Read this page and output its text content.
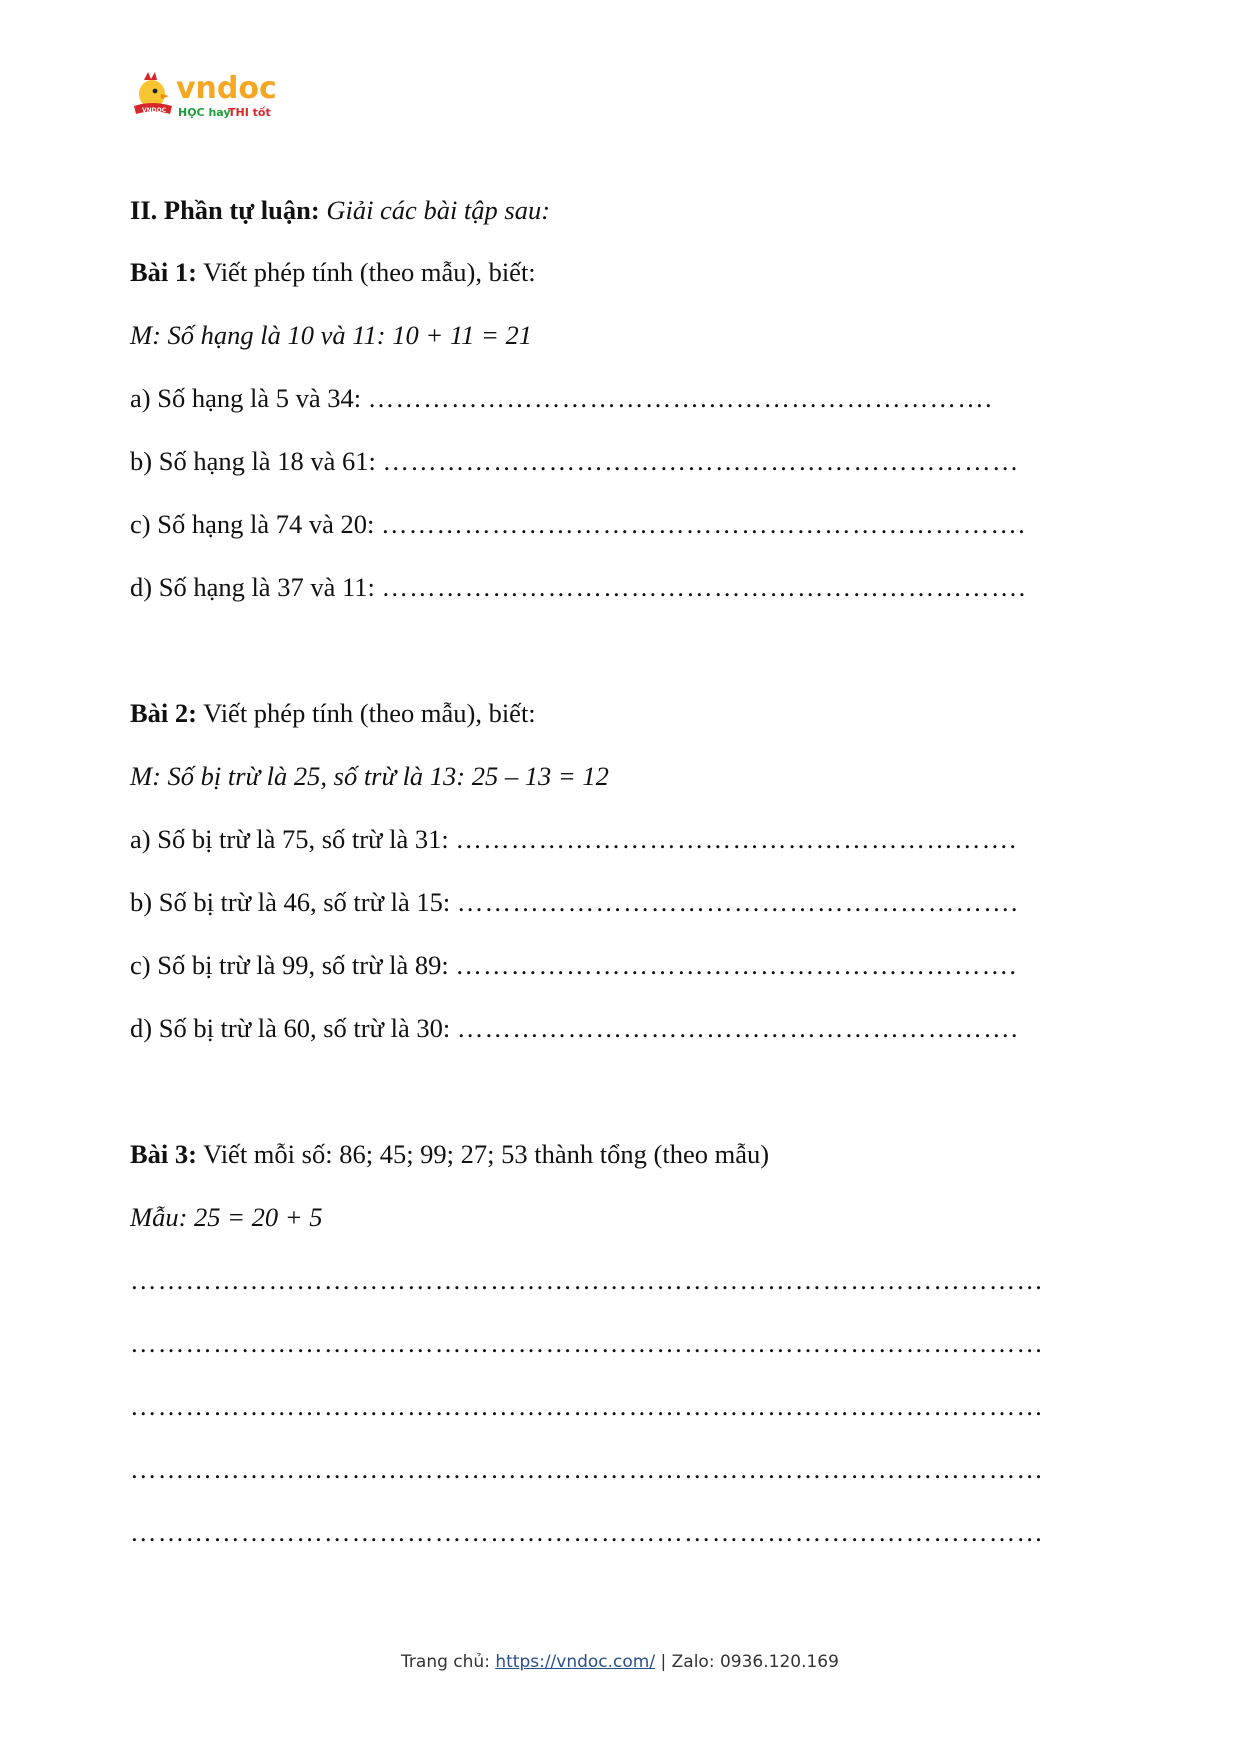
VNDOC
vndoc
HỌC hay
THI tốt
II. Phần tự luận: Giải các bài tập sau:
Bài 1: Viết phép tính (theo mẫu), biết:
M: Số hạng là 10 và 11: 10 + 11 = 21
a) Số hạng là 5 và 34: ……………………………….………………………….
b) Số hạng là 18 và 61: ……………………………………………………………
c) Số hạng là 74 và 20: …………………………………………………………….
d) Số hạng là 37 và 11: …………………………………………………………….
Bài 2: Viết phép tính (theo mẫu), biết:
M: Số bị trừ là 25, số trừ là 13: 25 – 13 = 12
a) Số bị trừ là 75, số trừ là 31: …………………………………………………….
b) Số bị trừ là 46, số trừ là 15: …………………………………………………….
c) Số bị trừ là 99, số trừ là 89: …………………………………………………….
d) Số bị trừ là 60, số trừ là 30: …………………………………………………….
Bài 3: Viết mỗi số: 86; 45; 99; 27; 53 thành tổng (theo mẫu)
Mẫu: 25 = 20 + 5
………………………………………………………………………………………
………………………………………………………………………………………
………………………………………………………………………………………
………………………………………………………………………………………
………………………………………………………………………………………
Trang chủ: https://vndoc.com/ | Zalo: 0936.120.169
